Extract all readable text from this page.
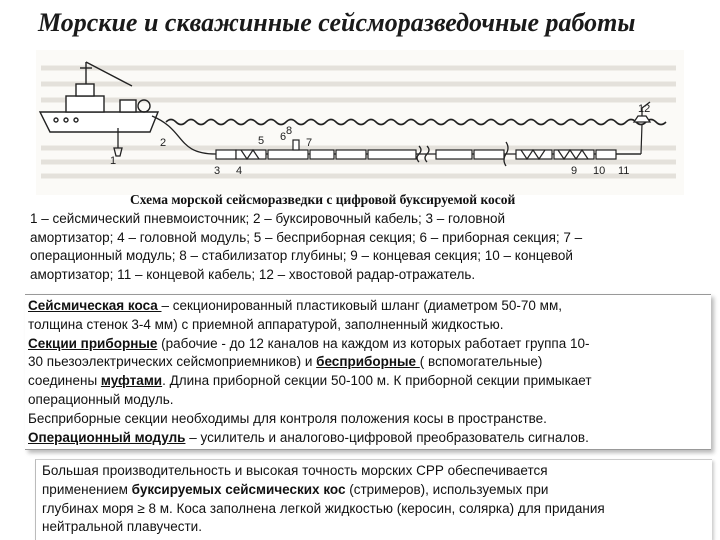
Морские и скважинные сейсморазведочные работы
1
2
3 4
5 6 7
8
9 10 11
12
Схема морской сейсморазведки с цифровой буксируемой косой
1 – сейсмический пневмоисточник; 2 – буксировочный кабель; 3 – головной
амортизатор; 4 – головной модуль; 5 – бесприборная секция; 6 – приборная секция; 7 –
операционный модуль; 8 – стабилизатор глубины; 9 – концевая секция; 10 – концевой
амортизатор; 11 – концевой кабель; 12 – хвостовой радар-отражатель.
Сейсмическая коса – секционированный пластиковый шланг (диаметром 50-70 мм,
толщина стенок 3-4 мм) с приемной аппаратурой, заполненный жидкостью.
Секции приборные (рабочие - до 12 каналов на каждом из которых работает группа 10-
30 пьезоэлектрических сейсмоприемников) и бесприборные ( вспомогательные)
соединены муфтами. Длина приборной секции 50-100 м. К приборной секции примыкает
операционный модуль.
Бесприборные секции необходимы для контроля положения косы в пространстве.
Операционный модуль – усилитель и аналогово-цифровой преобразователь сигналов.
Большая производительность и высокая точность морских СРР обеспечивается
применением буксируемых сейсмических кос (стримеров), используемых при
глубинах моря ≥ 8 м. Коса заполнена легкой жидкостью (керосин, солярка) для придания
нейтральной плавучести.
